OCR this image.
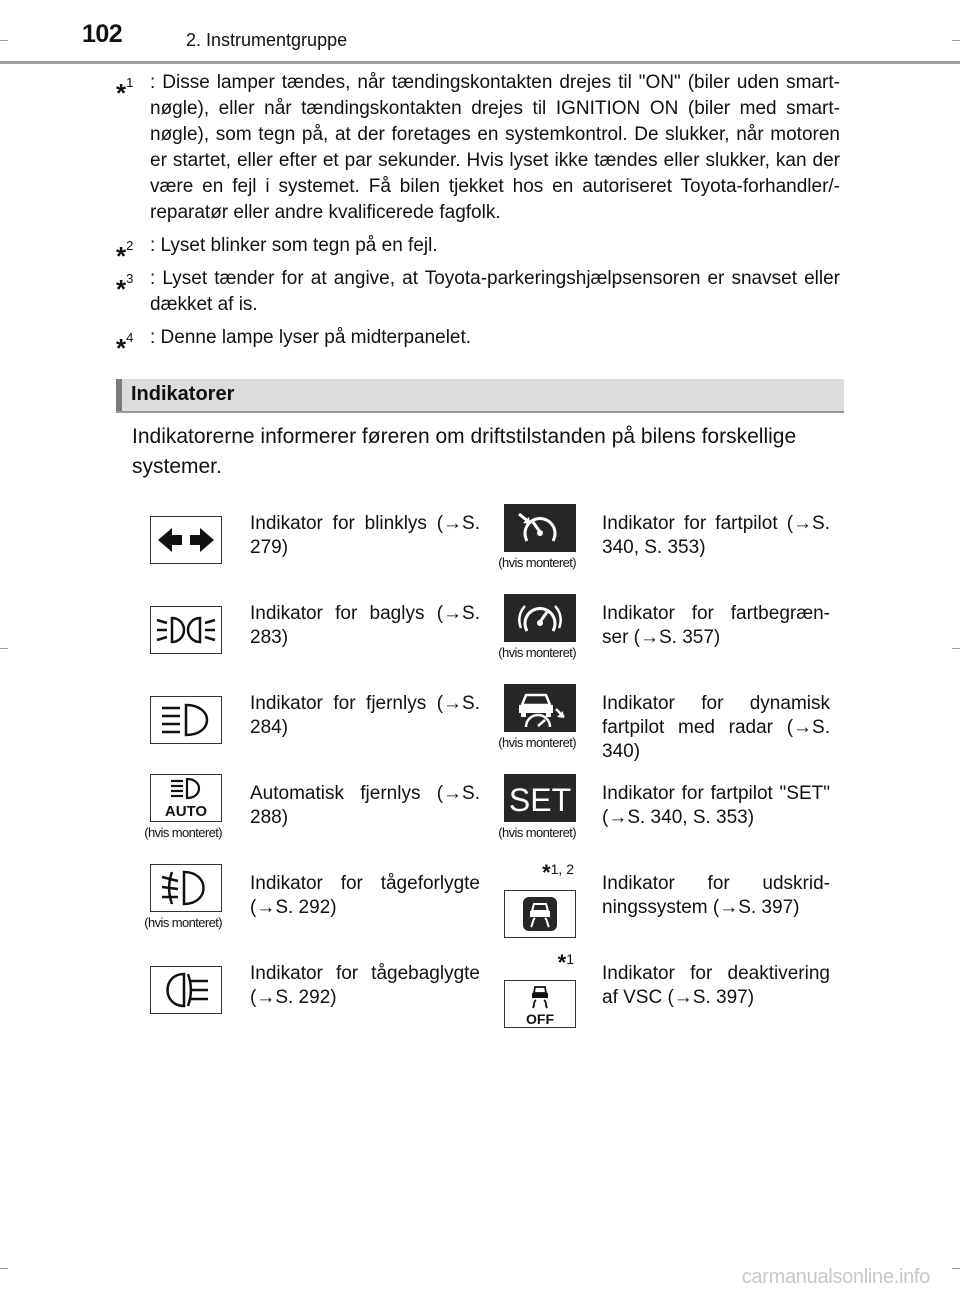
102	2. Instrumentgruppe
*$^1$ : Disse lamper tændes, når tændingskontakten drejes til "ON" (biler uden smart-nøgle), eller når tændingskontakten drejes til IGNITION ON (biler med smart-nøgle), som tegn på, at der foretages en systemkontrol. De slukker, når motoren er startet, eller efter et par sekunder. Hvis lyset ikke tændes eller slukker, kan der være en fejl i systemet. Få bilen tjekket hos en autoriseret Toyota-forhandler/-reparatør eller andre kvalificerede fagfolk.
*$^2$ : Lyset blinker som tegn på en fejl.
*$^3$ : Lyset tænder for at angive, at Toyota-parkeringshjælpsensoren er snavset eller dækket af is.
*$^4$ : Denne lampe lyser på midterpanelet.
Indikatorer
Indikatorerne informerer føreren om driftstilstanden på bilens forskellige systemer.
Indikator for blinklys (→S. 279)
(hvis monteret)
Indikator for fartpilot (→S. 340, S. 353)
Indikator for baglys (→S. 283)
(hvis monteret)
Indikator for fartbegræn- ser (→S. 357)
Indikator for fjernlys (→S. 284)
(hvis monteret)
Indikator for dynamisk fartpilot med radar (→S. 340)
AUTO
(hvis monteret)
Automatisk fjernlys (→S. 288)	SET
(hvis monteret)
Indikator for fartpilot "SET" (→S. 340, S. 353)
(hvis monteret)
Indikator for tågeforlygte (→S. 292)
*1, 2
Indikator for udskrid- ningssystem (→S. 397)
Indikator for tågebaglygte (→S. 292)
*1
OFF
Indikator for deaktivering af VSC (→S. 397)
carmanualsonline.info
